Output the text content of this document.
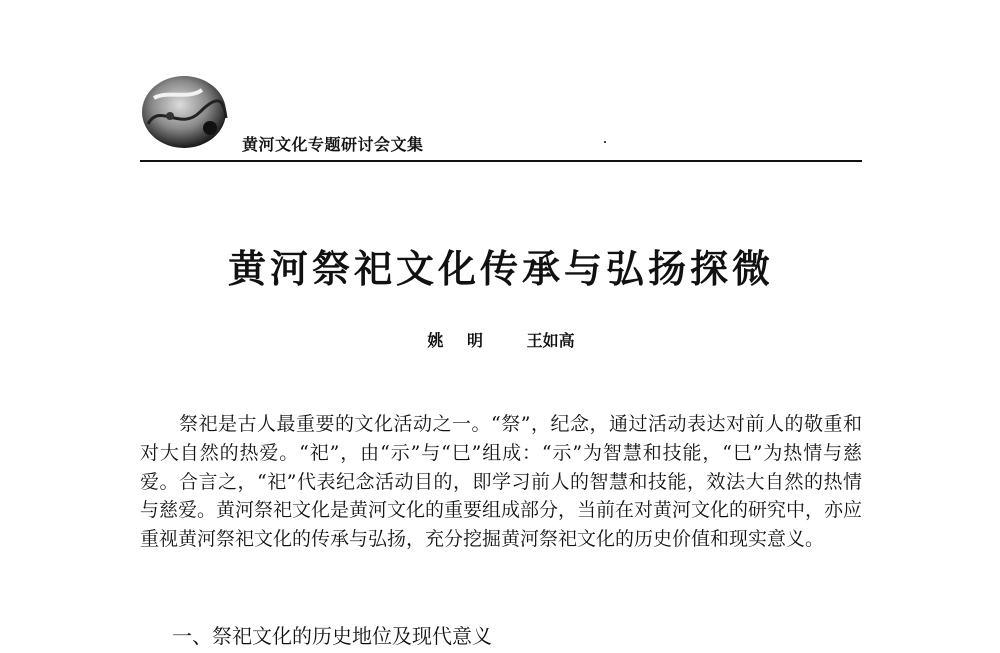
黄河文化专题研讨会文集
黄河祭祀文化传承与弘扬探微
姚 明	王如高

　　祭祀是古人最重要的文化活动之一。“祭”，纪念，通过活动表达对前人的敬重和对大自然的热爱。“祀”，由“示”与“巳”组成：“示”为智慧和技能，“巳”为热情与慈爱。合言之，“祀”代表纪念活动目的，即学习前人的智慧和技能，效法大自然的热情与慈爱。黄河祭祀文化是黄河文化的重要组成部分，当前在对黄河文化的研究中，亦应重视黄河祭祀文化的传承与弘扬，充分挖掘黄河祭祀文化的历史价值和现实意义。

一、祭祀文化的历史地位及现代意义
